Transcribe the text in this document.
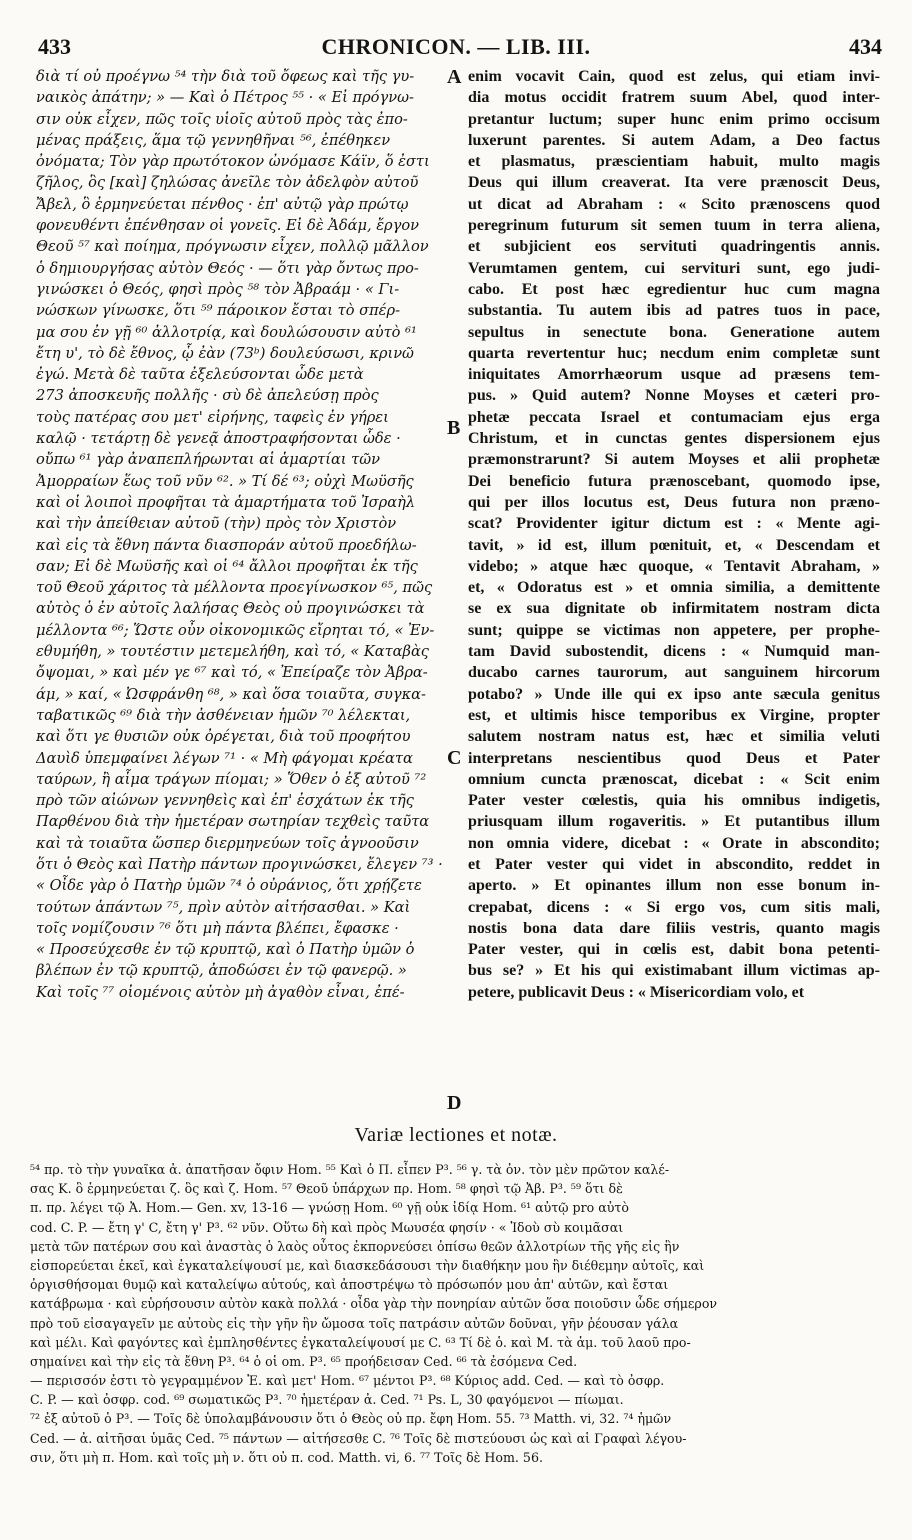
433	CHRONICON. — LIB. III.	434
διὰ τί οὐ προέγνω ⁵⁴ τὴν διὰ τοῦ ὄφεως καὶ τῆς γυ-
ναικὸς ἀπάτην; » — Καὶ ὁ Πέτρος ⁵⁵ · « Εἰ πρόγνω-
σιν οὐκ εἶχεν, πῶς τοῖς υἱοῖς αὐτοῦ πρὸς τὰς ἐπο-
μένας πράξεις, ἅμα τῷ γεννηθῆναι ⁵⁶, ἐπέθηκεν
ὀνόματα; Τὸν γὰρ πρωτότοκον ὠνόμασε Κάϊν, ὅ ἐστι
ζῆλος, ὃς [καὶ] ζηλώσας ἀνεῖλε τὸν ἀδελφὸν αὐτοῦ
Ἄβελ, ὃ ἑρμηνεύεται πένθος · ἐπ' αὐτῷ γὰρ πρώτῳ
φονευθέντι ἐπένθησαν οἱ γονεῖς. Εἰ δὲ Ἀδάμ, ἔργον
Θεοῦ ⁵⁷ καὶ ποίημα, πρόγνωσιν εἶχεν, πολλῷ μᾶλλον
ὁ δημιουργήσας αὐτὸν Θεός · — ὅτι γὰρ ὄντως προ-
γινώσκει ὁ Θεός, φησὶ πρὸς ⁵⁸ τὸν Ἀβραάμ · « Γι-
νώσκων γίνωσκε, ὅτι ⁵⁹ πάροικον ἔσται τὸ σπέρ-
μα σου ἐν γῇ ⁶⁰ ἀλλοτρίᾳ, καὶ δουλώσουσιν αὐτὸ ⁶¹
ἔτη υ', τὸ δὲ ἔθνος, ᾧ ἐὰν (73ᵇ) δουλεύσωσι, κρινῶ
ἐγώ. Μετὰ δὲ ταῦτα ἐξελεύσονται ὧδε μετὰ
273 ἀποσκευῆς πολλῆς · σὺ δὲ ἀπελεύσῃ πρὸς
τοὺς πατέρας σου μετ' εἰρήνης, ταφεὶς ἐν γήρει
καλῷ · τετάρτῃ δὲ γενεᾷ ἀποστραφήσονται ὧδε ·
οὔπω ⁶¹ γὰρ ἀναπεπλήρωνται αἱ ἁμαρτίαι τῶν
Ἀμορραίων ἕως τοῦ νῦν ⁶². » Τί δέ ⁶³; οὐχὶ Μωϋσῆς
καὶ οἱ λοιποὶ προφῆται τὰ ἁμαρτήματα τοῦ Ἰσραὴλ
καὶ τὴν ἀπείθειαν αὐτοῦ (τὴν) πρὸς τὸν Χριστὸν
καὶ εἰς τὰ ἔθνη πάντα διασποράν αὐτοῦ προεδήλω-
σαν; Εἰ δὲ Μωϋσῆς καὶ οἱ ⁶⁴ ἄλλοι προφῆται ἐκ τῆς
τοῦ Θεοῦ χάριτος τὰ μέλλοντα προεγίνωσκον ⁶⁵, πῶς
αὐτὸς ὁ ἐν αὐτοῖς λαλήσας Θεὸς οὐ προγινώσκει τὰ
μέλλοντα ⁶⁶; Ὥστε οὖν οἰκονομικῶς εἴρηται τό, « Ἐν-
εθυμήθη, » τουτέστιν μετεμελήθη, καὶ τό, « Καταβὰς
ὄψομαι, » καὶ μέν γε ⁶⁷ καὶ τό, « Ἐπείραζε τὸν Ἀβρα-
άμ, » καί, « Ὠσφράνθη ⁶⁸, » καὶ ὅσα τοιαῦτα, συγκα-
ταβατικῶς ⁶⁹ διὰ τὴν ἀσθένειαν ἡμῶν ⁷⁰ λέλεκται,
καὶ ὅτι γε θυσιῶν οὐκ ὀρέγεται, διὰ τοῦ προφήτου
Δαυὶδ ὑπεμφαίνει λέγων ⁷¹ · « Μὴ φάγομαι κρέατα
ταύρων, ἢ αἷμα τράγων πίομαι; » Ὅθεν ὁ ἐξ αὐτοῦ ⁷²
πρὸ τῶν αἰώνων γεννηθεὶς καὶ ἐπ' ἐσχάτων ἐκ τῆς
Παρθένου διὰ τὴν ἡμετέραν σωτηρίαν τεχθεὶς ταῦτα
καὶ τὰ τοιαῦτα ὥσπερ διερμηνεύων τοῖς ἀγνοοῦσιν
ὅτι ὁ Θεὸς καὶ Πατὴρ πάντων προγινώσκει, ἔλεγεν ⁷³ ·
« Οἶδε γὰρ ὁ Πατὴρ ὑμῶν ⁷⁴ ὁ οὐράνιος, ὅτι χρῄζετε
τούτων ἁπάντων ⁷⁵, πρὶν αὐτὸν αἰτήσασθαι. » Καὶ
τοῖς νομίζουσιν ⁷⁶ ὅτι μὴ πάντα βλέπει, ἔφασκε ·
« Προσεύχεσθε ἐν τῷ κρυπτῷ, καὶ ὁ Πατὴρ ὑμῶν ὁ
βλέπων ἐν τῷ κρυπτῷ, ἀποδώσει ἐν τῷ φανερῷ. »
Καὶ τοῖς ⁷⁷ οἰομένοις αὐτὸν μὴ ἀγαθὸν εἶναι, ἐπέ-
enim vocavit Cain, quod est zelus, qui etiam invi-
dia motus occidit fratrem suum Abel, quod inter-
pretantur luctum; super hunc enim primo occisum
luxerunt parentes. Si autem Adam, a Deo factus
et plasmatus, præscientiam habuit, multo magis
Deus qui illum creaverat. Ita vere prænoscit Deus,
ut dicat ad Abraham : « Scito prænoscens quod
peregrinum futurum sit semen tuum in terra aliena,
et subjicient eos servituti quadringentis annis.
Verumtamen gentem, cui servituri sunt, ego judi-
cabo. Et post hæc egredientur huc cum magna
substantia. Tu autem ibis ad patres tuos in pace,
sepultus in senectute bona. Generatione autem
quarta revertentur huc; necdum enim completæ sunt
iniquitates Amorrhæorum usque ad præsens tem-
pus. » Quid autem? Nonne Moyses et cæteri pro-
phetæ peccata Israel et contumaciam ejus erga
Christum, et in cunctas gentes dispersionem ejus
præmonstrarunt? Si autem Moyses et alii prophetæ
Dei beneficio futura prænoscebant, quomodo ipse,
qui per illos locutus est, Deus futura non præno-
scat? Providenter igitur dictum est : « Mente agi-
tavit, » id est, illum pœnituit, et, « Descendam et
videbo; » atque hæc quoque, « Tentavit Abraham, »
et, « Odoratus est » et omnia similia, a demittente
se ex sua dignitate ob infirmitatem nostram dicta
sunt; quippe se victimas non appetere, per prophe-
tam David subostendit, dicens : « Numquid man-
ducabo carnes taurorum, aut sanguinem hircorum
potabo? » Unde ille qui ex ipso ante sæcula genitus
est, et ultimis hisce temporibus ex Virgine, propter
salutem nostram natus est, hæc et similia veluti
interpretans nescientibus quod Deus et Pater
omnium cuncta prænoscat, dicebat : « Scit enim
Pater vester cœlestis, quia his omnibus indigetis,
priusquam illum rogaveritis. » Et putantibus illum
non omnia videre, dicebat : « Orate in abscondito;
et Pater vester qui videt in abscondito, reddet in
aperto. » Et opinantes illum non esse bonum in-
crepabat, dicens : « Si ergo vos, cum sitis mali,
nostis bona data dare filiis vestris, quanto magis
Pater vester, qui in cœlis est, dabit bona petenti-
bus se? » Et his qui existimabant illum victimas ap-
petere, publicavit Deus : « Misericordiam volo, et
A
B
C
D
Variæ lectiones et notæ.
⁵⁴ πρ. τὸ τὴν γυναῖκα ἀ. ἀπατῆσαν ὄφιν Hom. ⁵⁵ Καὶ ὁ Π. εἶπεν P³. ⁵⁶ γ. τὰ ὀν. τὸν μὲν πρῶτον καλέ-
σας Κ. ὃ ἑρμηνεύεται ζ. ὃς καὶ ζ. Hom. ⁵⁷ Θεοῦ ὑπάρχων πρ. Hom. ⁵⁸ φησὶ τῷ Ἀβ. P³. ⁵⁹ ὅτι δὲ
π. πρ. λέγει τῷ Ἀ. Hom.— Gen. xv, 13-16 — γνώσῃ Hom. ⁶⁰ γῇ οὐκ ἰδίᾳ Hom. ⁶¹ αὐτῷ pro αὐτὸ
cod. C. P. — ἔτη γ' C, ἔτη γ' P³. ⁶² νῦν. Οὕτω δὴ καὶ πρὸς Μωυσέα φησίν · « Ἰδοὺ σὺ κοιμᾶσαι
μετὰ τῶν πατέρων σου καὶ ἀναστὰς ὁ λαὸς οὗτος ἐκπορνεύσει ὀπίσω θεῶν ἀλλοτρίων τῆς γῆς εἰς ἣν
εἰσπορεύεται ἐκεῖ, καὶ ἐγκαταλείψουσί με, καὶ διασκεδάσουσι τὴν διαθήκην μου ἣν διέθεμην αὐτοῖς, καὶ
ὀργισθήσομαι θυμῷ καὶ καταλείψω αὐτούς, καὶ ἀποστρέψω τὸ πρόσωπόν μου ἀπ' αὐτῶν, καὶ ἔσται
κατάβρωμα · καὶ εὑρήσουσιν αὐτὸν κακὰ πολλά · οἶδα γὰρ τὴν πονηρίαν αὐτῶν ὅσα ποιοῦσιν ὧδε σήμερον
πρὸ τοῦ εἰσαγαγεῖν με αὐτοὺς εἰς τὴν γῆν ἣν ὤμοσα τοῖς πατράσιν αὐτῶν δοῦναι, γῆν ῥέουσαν γάλα
καὶ μέλι. Καὶ φαγόντες καὶ ἐμπλησθέντες ἐγκαταλείψουσί με C. ⁶³ Τί δὲ ὁ. καὶ Μ. τὰ ἁμ. τοῦ λαοῦ προ-
σημαίνει καὶ τὴν εἰς τὰ ἔθνη P³. ⁶⁴ ὁ οἱ om. P³. ⁶⁵ προήδεισαν Ced. ⁶⁶ τὰ ἐσόμενα Ced.
— περισσόν ἐστι τὸ γεγραμμένον Ἐ. καὶ μετ' Hom. ⁶⁷ μέντοι P³. ⁶⁸ Κύριος add. Ced. — καὶ τὸ ὀσφρ.
C. P. — καὶ ὀσφρ. cod. ⁶⁹ σωματικῶς P³. ⁷⁰ ἡμετέραν ἀ. Ced. ⁷¹ Ps. L, 30 φαγόμενοι — πίωμαι.
⁷² ἐξ αὐτοῦ ὁ P³. — Τοῖς δὲ ὑπολαμβάνουσιν ὅτι ὁ Θεὸς οὐ πρ. ἔφη Hom. 55. ⁷³ Matth. vi, 32. ⁷⁴ ἡμῶν
Ced. — ἀ. αἰτῆσαι ὑμᾶς Ced. ⁷⁵ πάντων — αἰτήσεσθε C. ⁷⁶ Τοῖς δὲ πιστεύουσι ὡς καὶ αἱ Γραφαὶ λέγου-
σιν, ὅτι μὴ π. Hom. καὶ τοῖς μὴ ν. ὅτι οὐ π. cod. Matth. vi, 6. ⁷⁷ Τοῖς δὲ Hom. 56.
